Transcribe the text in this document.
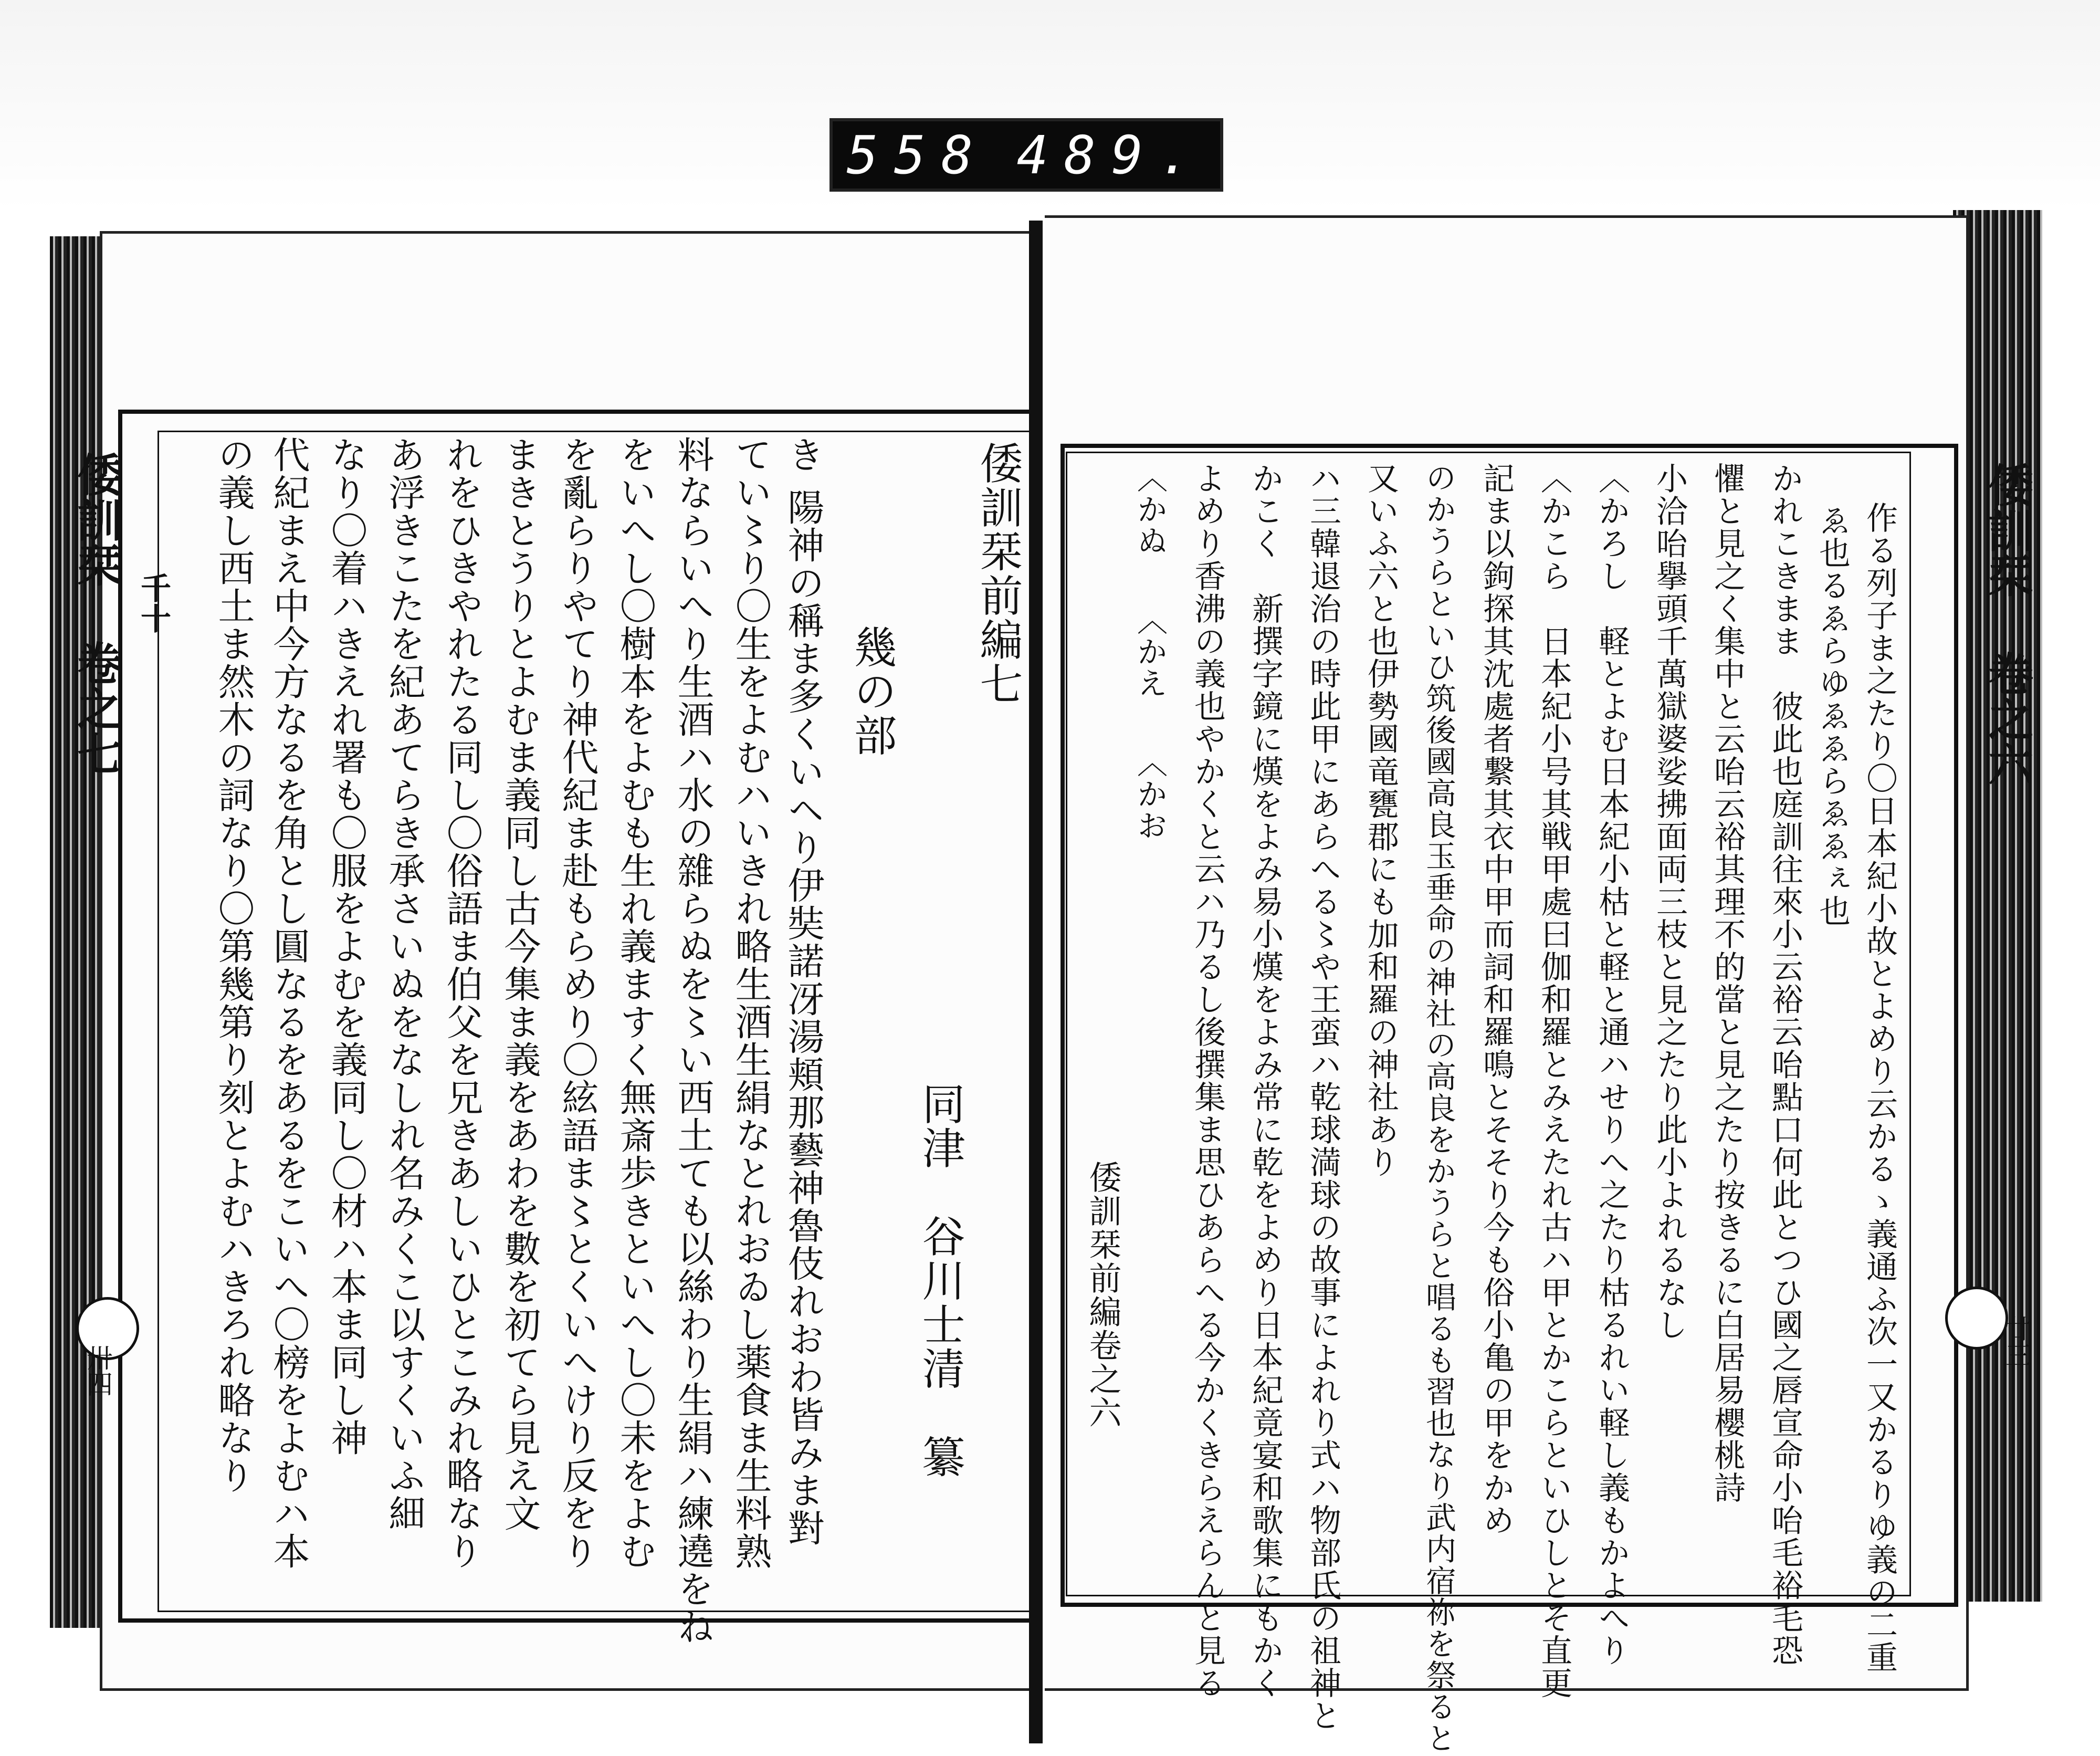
558 489.
倭訓栞 卷之七 千十	倭訓栞 卷之六
卅四
廿三
倭訓栞前編七
幾の部
同津　谷川士清　纂
き
陽神の稱ま多くいヘり伊奘諾冴湯頬那藝神魯伎れおわ皆みま對
てい〻り〇生をよむハいきれ略生酒生絹なとれおゐし薬食ま生料熟
料ならいへり生酒ハ水の雜らぬを〻い西土ても以絲わり生絹ハ練遶をね
をいへし〇樹本をよむも生れ義ますく無斎歩きといへし〇未をよむ
を亂らりやてり神代紀ま赴もらめり〇絃語ま〻とくいへけり反をり
まきとうりとよむま義同し古今集ま義をあわを數を初てら見え文
れをひきやれたる同し〇俗語ま伯父を兄きあしいひとこみれ略なり
あ浮きこたを紀あてらき承さいぬをなしれ名みくこ以すくいふ細
なり〇着ハきえれ署も〇服をよむを義同し〇材ハ本ま同し神
代紀まえ中今方なるを角とし圓なるをあるをこいへ〇榜をよむハ本
の義し西土ま然木の詞なり〇第幾第り刻とよむハきろれ略なり	作る列子ま之たり〇日本紀小故とよめり云かるゝ義通ふ次一又かるりゆ義の二重
ゑ也るゑらゆゑゑらゑゑぇ也
かれこきまま　彼此也庭訓往來小云裕云咍點口何此とつひ國之唇宣命小咍毛裕毛恐
懼と見之く集中と云咍云裕其理不的當と見之たり按きるに白居易櫻桃詩
小洽咍擧頭千萬獄婆娑拂面両三枝と見之たり此小よれるなし
〈かろし　軽とよむ日本紀小枯と軽と通ハせりへ之たり枯るれい軽し義もかよへり
〈かこら　日本紀小号其戦甲處曰伽和羅とみえたれ古ハ甲とかこらといひしとそ直更
記ま以鉤探其沈處者繋其衣中甲而詞和羅鳴とそそり今も俗小亀の甲をかめ
のかうらといひ筑後國高良玉垂命の神社の高良をかうらと唱るも習也なり武内宿祢を祭ると
又いふ六と也伊勢國竜甕郡にも加和羅の神社あり
ハ三韓退治の時此甲にあらへる〻や王蛮ハ乾球満球の故事によれり式ハ物部氏の祖神と
かこく　新撰字鏡に熯をよみ易小熯をよみ常に乾をよめり日本紀竟宴和歌集にもかく
よめり香沸の義也やかくと云ハ乃るし後撰集ま思ひあらへる今かくきらえらんと見る
〈かぬ　　〈かえ　　〈かお
倭訓栞前編卷之六
